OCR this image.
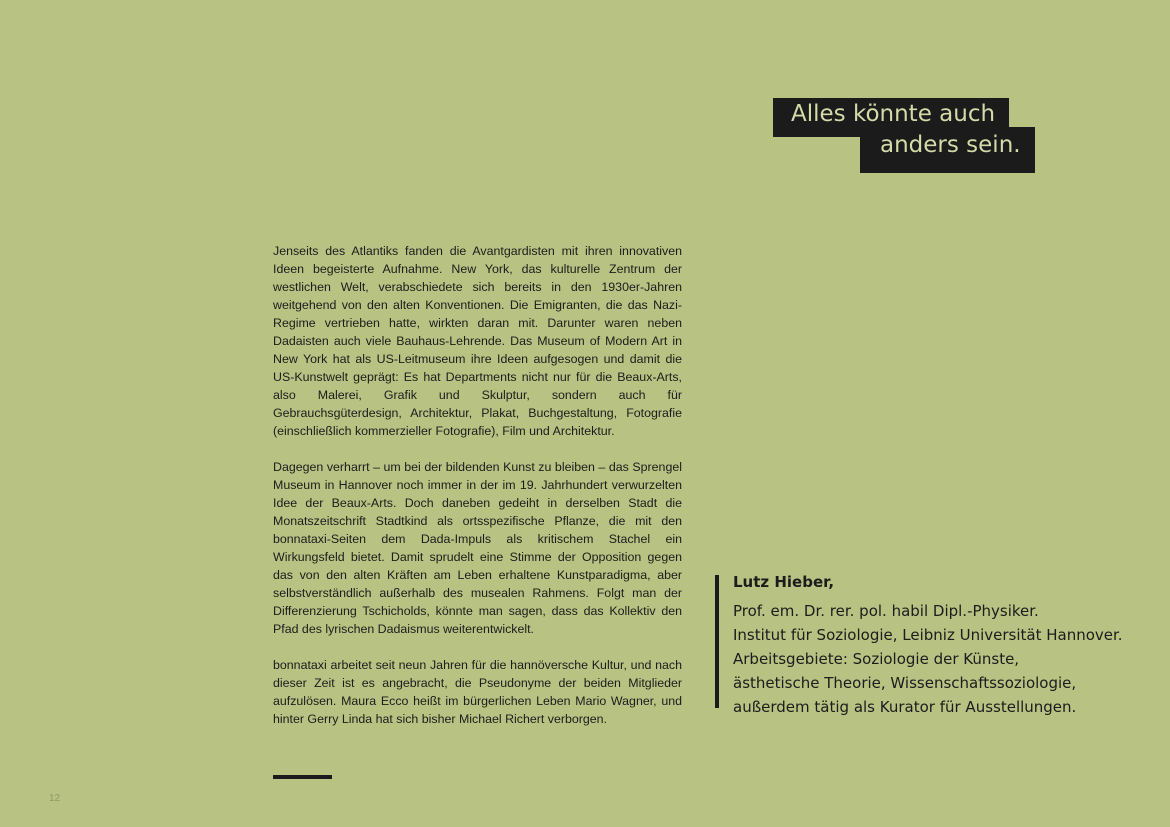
Alles könnte auch
anders sein.

Jenseits des Atlantiks fanden die Avantgardisten mit ihren innovativen Ideen begeisterte Aufnahme. New York, das kulturelle Zentrum der westlichen Welt, verabschiedete sich bereits in den 1930er-Jahren weitgehend von den alten Konventionen. Die Emigranten, die das Nazi-Regime vertrieben hatte, wirkten daran mit. Darunter waren neben Dadaisten auch viele Bauhaus-Lehrende. Das Museum of Modern Art in New York hat als US-Leitmuseum ihre Ideen aufgesogen und damit die US-Kunstwelt geprägt: Es hat Departments nicht nur für die Beaux-Arts, also Malerei, Grafik und Skulptur, sondern auch für Gebrauchsgüterdesign, Architektur, Plakat, Buchgestaltung, Fotografie (einschließlich kommerzieller Fotografie), Film und Architektur.

Dagegen verharrt – um bei der bildenden Kunst zu bleiben – das Sprengel Museum in Hannover noch immer in der im 19. Jahrhundert verwurzelten Idee der Beaux-Arts. Doch daneben gedeiht in derselben Stadt die Monatszeitschrift Stadtkind als ortsspezifische Pflanze, die mit den bonnataxi-Seiten dem Dada-Impuls als kritischem Stachel ein Wirkungsfeld bietet. Damit sprudelt eine Stimme der Opposition gegen das von den alten Kräften am Leben erhaltene Kunstparadigma, aber selbstverständlich außerhalb des musealen Rahmens. Folgt man der Differenzierung Tschicholds, könnte man sagen, dass das Kollektiv den Pfad des lyrischen Dadaismus weiterentwickelt.

bonnataxi arbeitet seit neun Jahren für die hannöversche Kultur, und nach dieser Zeit ist es angebracht, die Pseudonyme der beiden Mitglieder aufzulösen. Maura Ecco heißt im bürgerlichen Leben Mario Wagner, und hinter Gerry Linda hat sich bisher Michael Richert verborgen.

Lutz Hieber,
Prof. em. Dr. rer. pol. habil Dipl.-Physiker.
Institut für Soziologie, Leibniz Universität Hannover.
Arbeitsgebiete: Soziologie der Künste,
ästhetische Theorie, Wissenschaftssoziologie,
außerdem tätig als Kurator für Ausstellungen.
12
